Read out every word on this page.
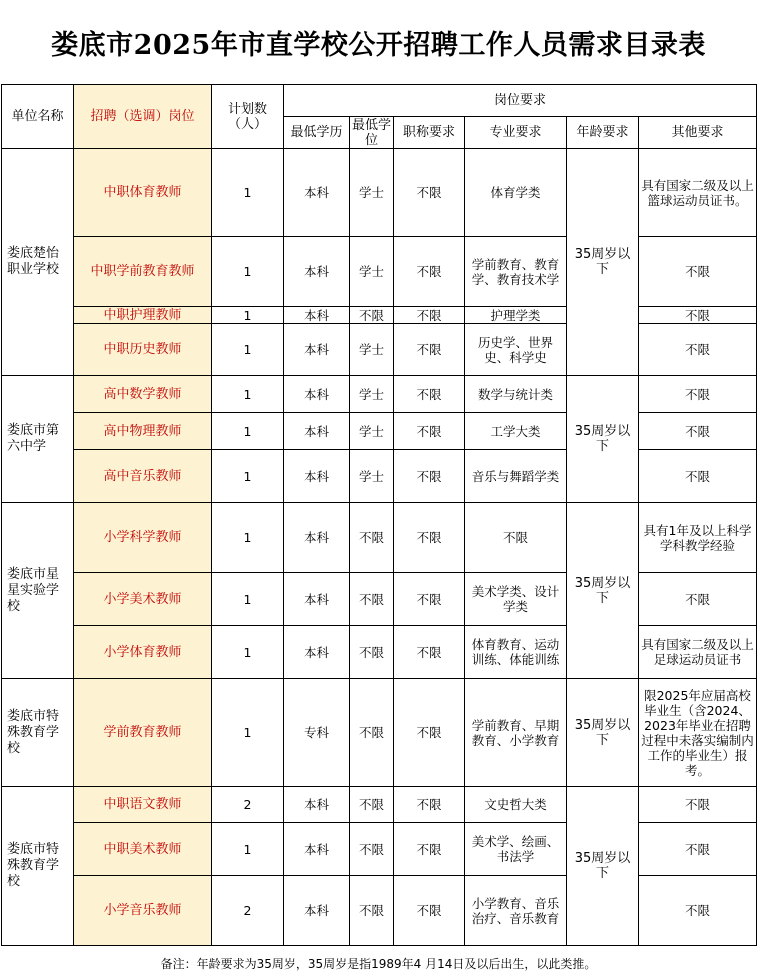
娄底市2025年市直学校公开招聘工作人员需求目录表
单位名称	招聘（选调）岗位	计划数（人）	岗位要求					
			最低学历	最低学位	职称要求	专业要求	年龄要求	其他要求
娄底楚怡职业学校	中职体育教师	1	本科	学士	不限	体育学类	35周岁以下	具有国家二级及以上篮球运动员证书。
	中职学前教育教师	1	本科	学士	不限	学前教育、教育学、教育技术学		不限
	中职护理教师	1	本科	不限	不限	护理学类		不限
	中职历史教师	1	本科	学士	不限	历史学、世界史、科学史		不限
娄底市第六中学	高中数学教师	1	本科	学士	不限	数学与统计类	35周岁以下	不限
	高中物理教师	1	本科	学士	不限	工学大类		不限
	高中音乐教师	1	本科	学士	不限	音乐与舞蹈学类		不限
娄底市星星实验学校	小学科学教师	1	本科	不限	不限	不限	35周岁以下	具有1年及以上科学学科教学经验
	小学美术教师	1	本科	不限	不限	美术学类、设计学类		不限
	小学体育教师	1	本科	不限	不限	体育教育、运动训练、体能训练		具有国家二级及以上足球运动员证书
娄底市特殊教育学校	学前教育教师	1	专科	不限	不限	学前教育、早期教育、小学教育	35周岁以下	限2025年应届高校毕业生（含2024、2023年毕业在招聘过程中未落实编制内工作的毕业生）报考。
娄底市特殊教育学校	中职语文教师	2	本科	不限	不限	文史哲大类	35周岁以下	不限
	中职美术教师	1	本科	不限	不限	美术学、绘画、书法学		不限
	小学音乐教师	2	本科	不限	不限	小学教育、音乐治疗、音乐教育		不限
备注：年龄要求为35周岁，35周岁是指1989年4 月14日及以后出生，以此类推。
